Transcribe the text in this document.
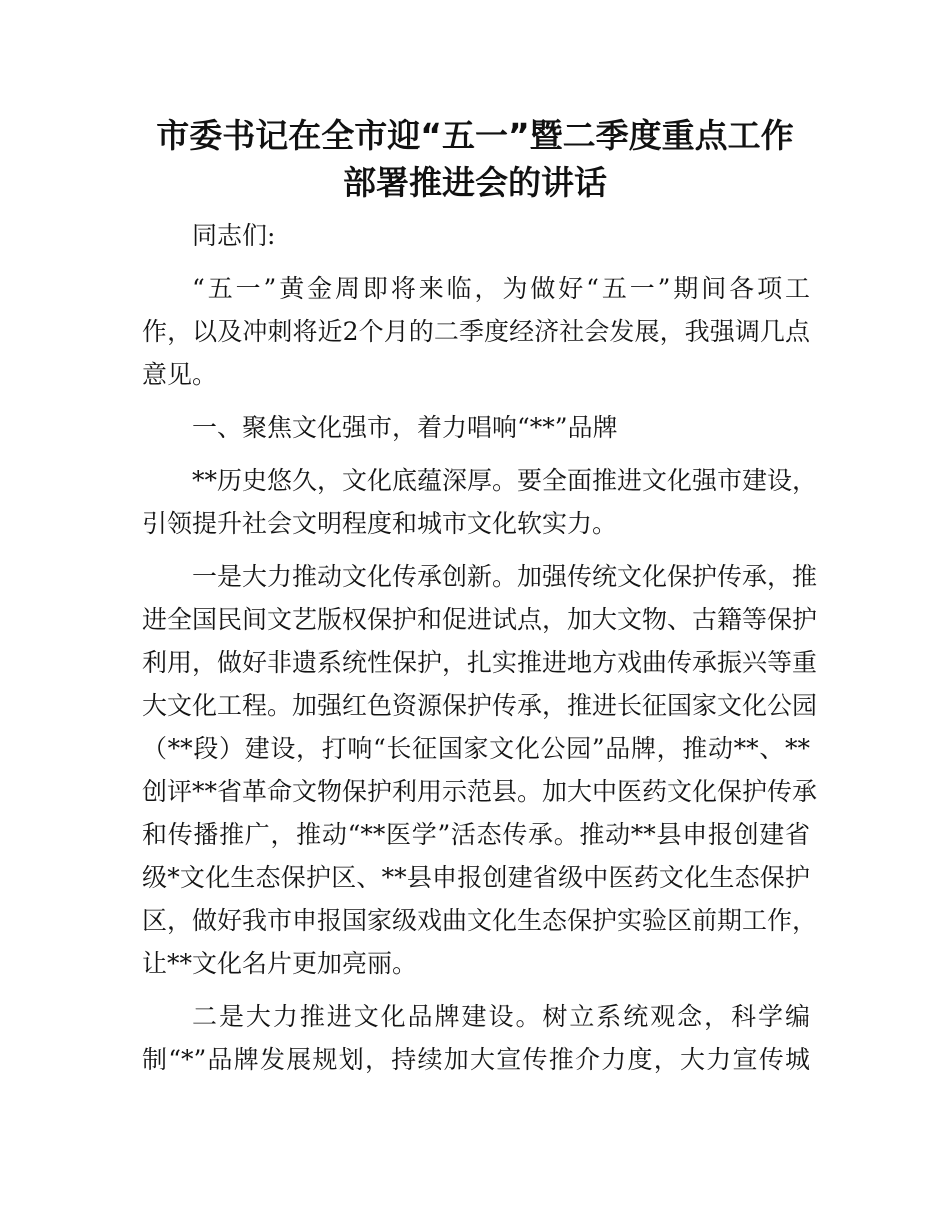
市委书记在全市迎“五一”暨二季度重点工作
部署推进会的讲话
同志们:
“五一”黄金周即将来临，为做好“五一”期间各项工
作，以及冲刺将近2个月的二季度经济社会发展，我强调几点
意见。
一、聚焦文化强市，着力唱响“**”品牌
**历史悠久，文化底蕴深厚。要全面推进文化强市建设，
引领提升社会文明程度和城市文化软实力。
一是大力推动文化传承创新。加强传统文化保护传承，推
进全国民间文艺版权保护和促进试点，加大文物、古籍等保护
利用，做好非遗系统性保护，扎实推进地方戏曲传承振兴等重
大文化工程。加强红色资源保护传承，推进长征国家文化公园
（**段）建设，打响“长征国家文化公园”品牌，推动**、**
创评**省革命文物保护利用示范县。加大中医药文化保护传承
和传播推广，推动“**医学”活态传承。推动**县申报创建省
级*文化生态保护区、**县申报创建省级中医药文化生态保护
区，做好我市申报国家级戏曲文化生态保护实验区前期工作，
让**文化名片更加亮丽。
二是大力推进文化品牌建设。树立系统观念，科学编
制“*”品牌发展规划，持续加大宣传推介力度，大力宣传城
